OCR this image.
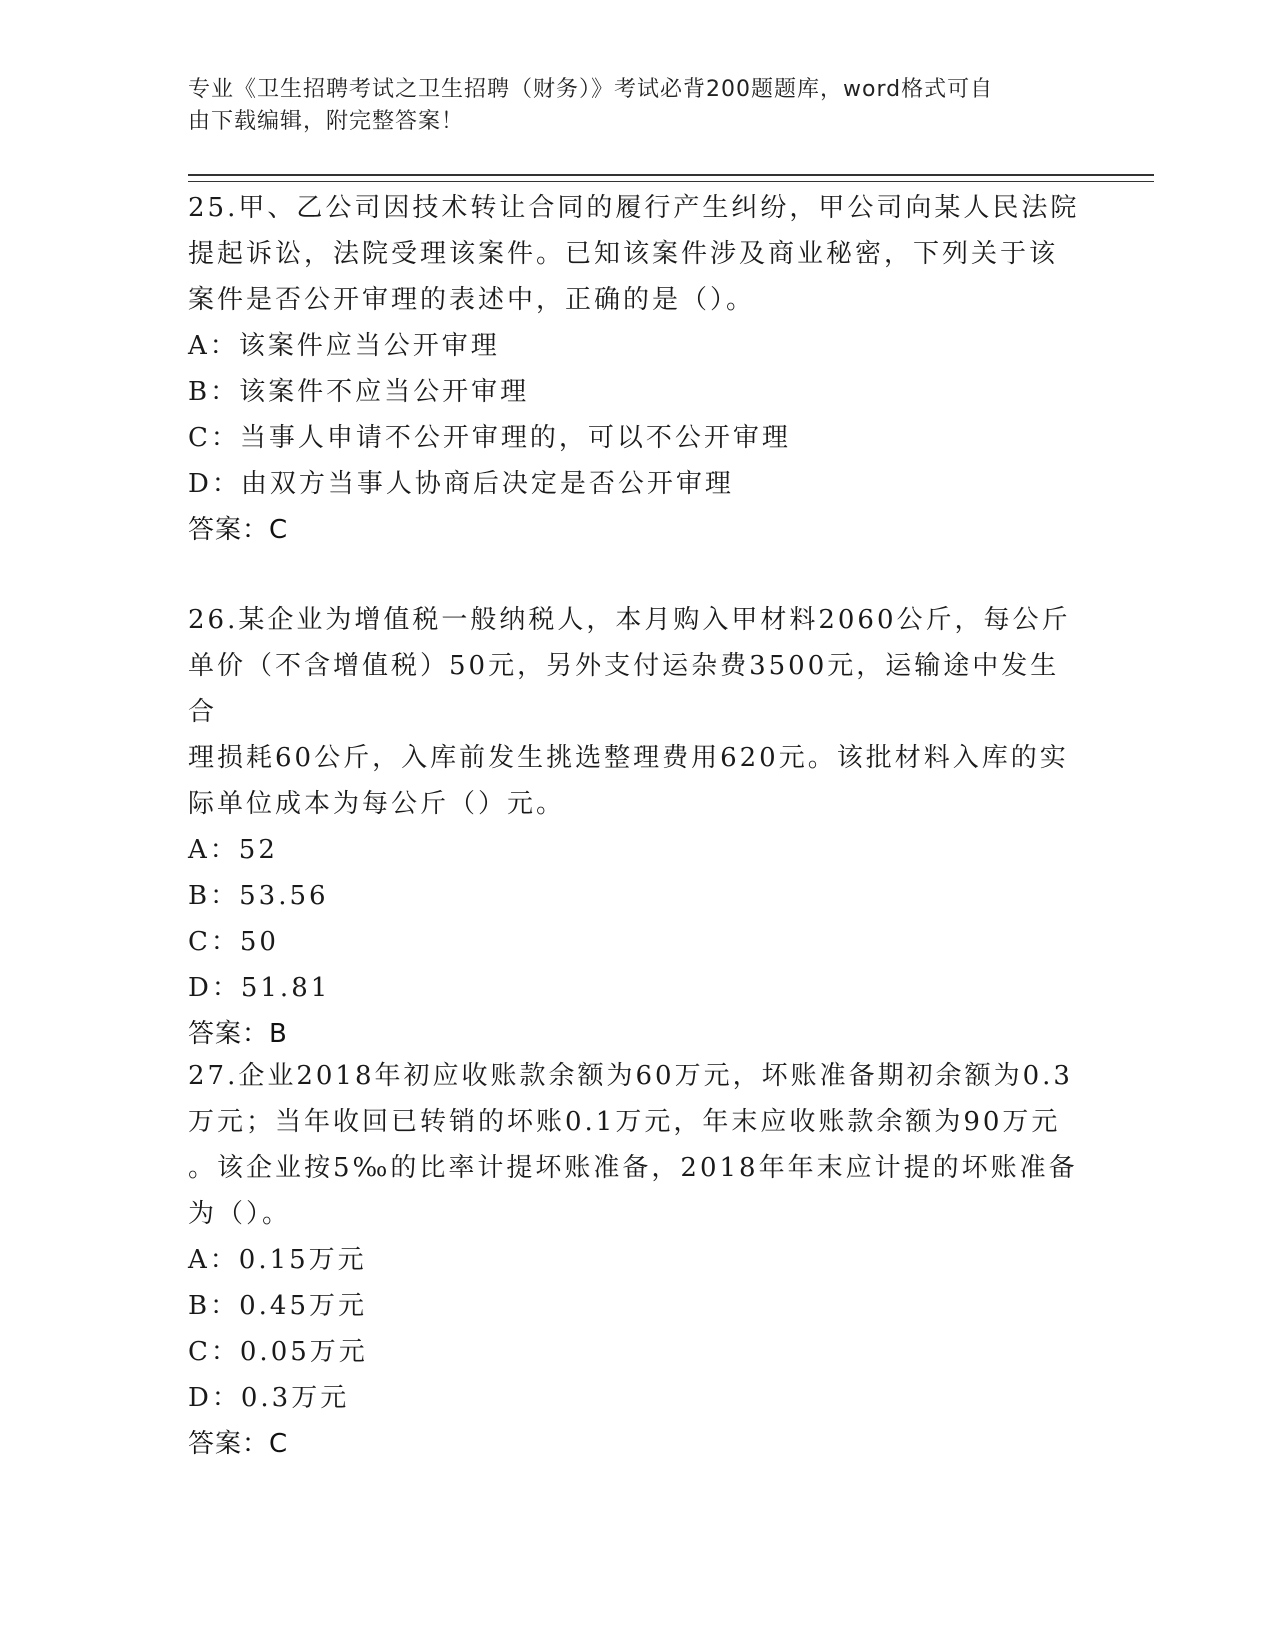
专业《卫生招聘考试之卫生招聘（财务）》考试必背200题题库，word格式可自
由下载编辑，附完整答案！

25.甲、乙公司因技术转让合同的履行产生纠纷，甲公司向某人民法院

提起诉讼，法院受理该案件。已知该案件涉及商业秘密，下列关于该

案件是否公开审理的表述中，正确的是（）。

A：该案件应当公开审理

B：该案件不应当公开审理

C：当事人申请不公开审理的，可以不公开审理

D：由双方当事人协商后决定是否公开审理

答案：C

26.某企业为增值税一般纳税人，本月购入甲材料2060公斤，每公斤

单价（不含增值税）50元，另外支付运杂费3500元，运输途中发生合

理损耗60公斤，入库前发生挑选整理费用620元。该批材料入库的实

际单位成本为每公斤（）元。

A：52

B：53.56

C：50

D：51.81

答案：B

27.企业2018年初应收账款余额为60万元，坏账准备期初余额为0.3

万元；当年收回已转销的坏账0.1万元，年末应收账款余额为90万元

。该企业按5‰的比率计提坏账准备，2018年年末应计提的坏账准备

为（）。

A：0.15万元

B：0.45万元

C：0.05万元

D：0.3万元

答案：C
